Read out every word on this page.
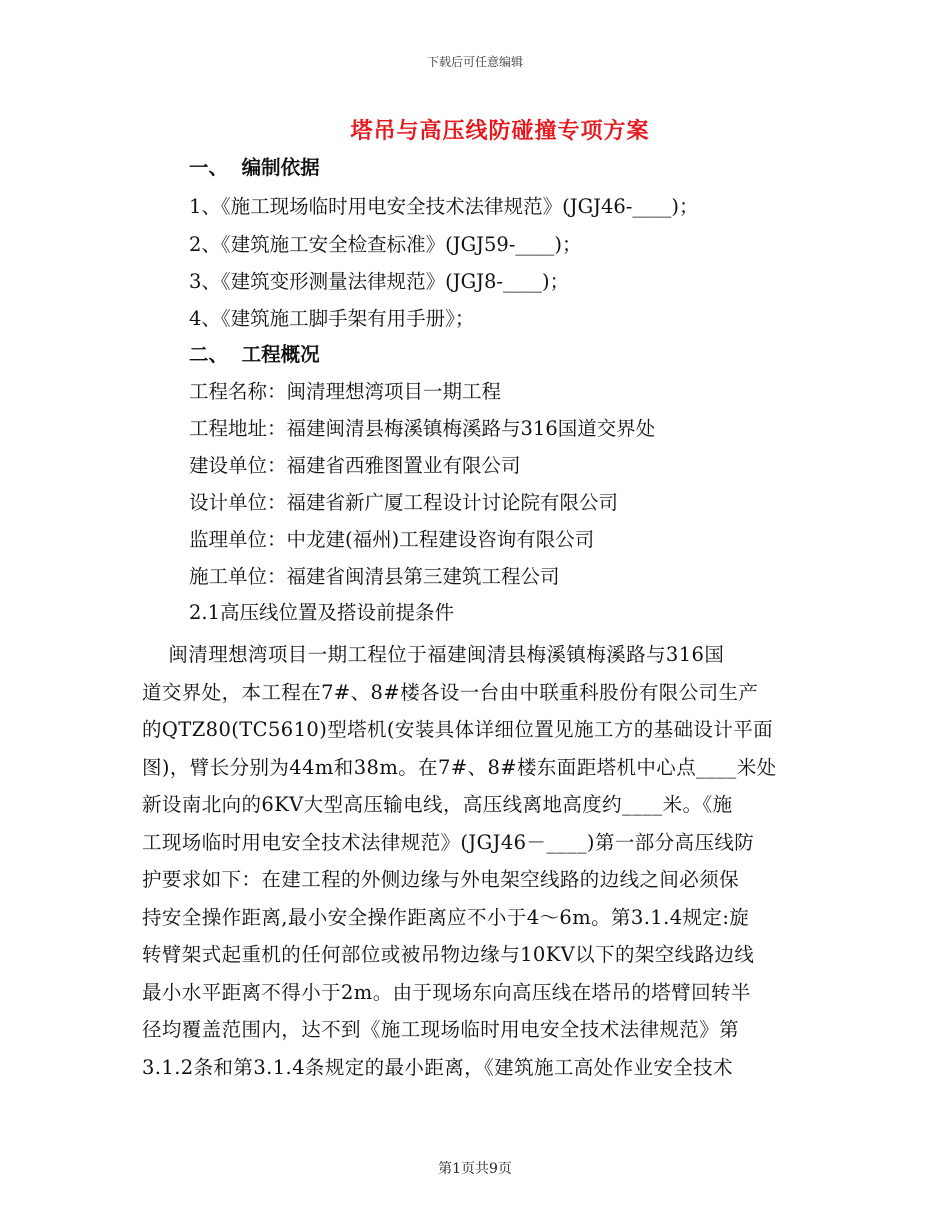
下载后可任意编辑
塔吊与高压线防碰撞专项方案
一、  编制依据
1、《施工现场临时用电安全技术法律规范》(JGJ46-____)；
2、《建筑施工安全检查标准》(JGJ59-____)；
3、《建筑变形测量法律规范》(JGJ8-____)；
4、《建筑施工脚手架有用手册》；
二、  工程概况
工程名称：闽清理想湾项目一期工程
工程地址：福建闽清县梅溪镇梅溪路与316国道交界处
建设单位：福建省西雅图置业有限公司
设计单位：福建省新广厦工程设计讨论院有限公司
监理单位：中龙建(福州)工程建设咨询有限公司
施工单位：福建省闽清县第三建筑工程公司
2.1高压线位置及搭设前提条件
闽清理想湾项目一期工程位于福建闽清县梅溪镇梅溪路与316国
道交界处，本工程在7#、8#楼各设一台由中联重科股份有限公司生产
的QTZ80(TC5610)型塔机(安装具体详细位置见施工方的基础设计平面
图)，臂长分别为44m和38m。在7#、8#楼东面距塔机中心点____米处
新设南北向的6KV大型高压输电线，高压线离地高度约____米。《施
工现场临时用电安全技术法律规范》(JGJ46－____)第一部分高压线防
护要求如下：在建工程的外侧边缘与外电架空线路的边线之间必须保
持安全操作距离,最小安全操作距离应不小于4～6m。第3.1.4规定:旋
转臂架式起重机的任何部位或被吊物边缘与10KV以下的架空线路边线
最小水平距离不得小于2m。由于现场东向高压线在塔吊的塔臂回转半
径均覆盖范围内，达不到《施工现场临时用电安全技术法律规范》第
3.1.2条和第3.1.4条规定的最小距离，《建筑施工高处作业安全技术
第1页共9页
